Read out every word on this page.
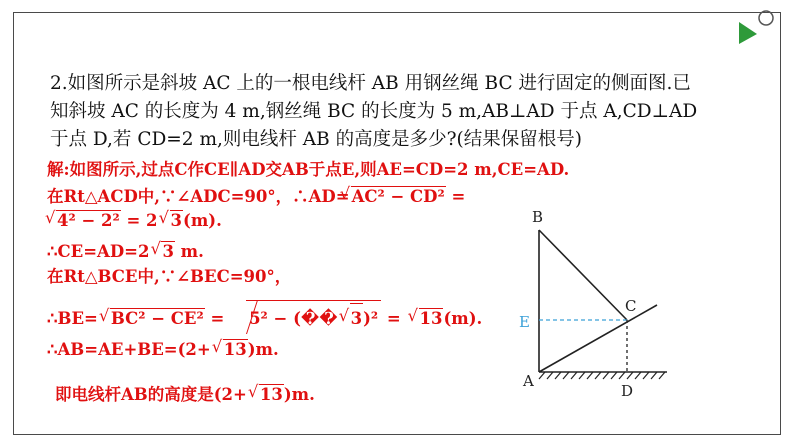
2.如图所示是斜坡 AC 上的一根电线杆 AB 用钢丝绳 BC 进行固定的侧面图.已
知斜坡 AC 的长度为 4 m,钢丝绳 BC 的长度为 5 m,AB⊥AD 于点 A,CD⊥AD
于点 D,若 CD=2 m,则电线杆 AB 的高度是多少?(结果保留根号)
解:如图所示,过点C作CE∥AD交AB于点E,则AE=CD=2 m,CE=AD.
在Rt△ACD中,∵∠ADC=90°，∴AD= √ AC² − CD² =
√ 4² − 2² = 2 √ 3(m).
∴CE=AD=2 √ 3 m.
在Rt△BCE中,∵∠BEC=90°，
∴BE= √ BC² − CE² = 5² − (�� √ 3)² = √ 13(m).
∴AB=AE+BE=(2+ √ 13)m.
即电线杆AB的高度是(2+ √ 13)m.
B
C
E
A
D
